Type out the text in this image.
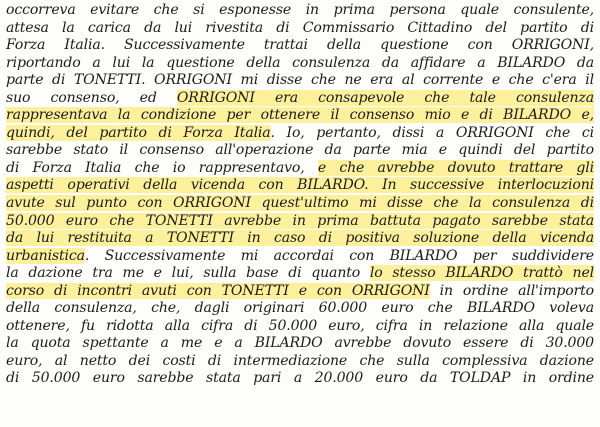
occorreva evitare che si esponesse in prima persona quale consulente,
attesa la carica da lui rivestita di Commissario Cittadino del partito di
Forza Italia. Successivamente trattai della questione con ORRIGONI,
riportando a lui la questione della consulenza da affidare a BILARDO da
parte di TONETTI. ORRIGONI mi disse che ne era al corrente e che c'era il
suo consenso, ed ORRIGONI era consapevole che tale consulenza
rappresentava la condizione per ottenere il consenso mio e di BILARDO e,
quindi, del partito di Forza Italia. Io, pertanto, dissi a ORRIGONI che ci
sarebbe stato il consenso all'operazione da parte mia e quindi del partito
di Forza Italia che io rappresentavo, e che avrebbe dovuto trattare gli
aspetti operativi della vicenda con BILARDO. In successive interlocuzioni
avute sul punto con ORRIGONI quest'ultimo mi disse che la consulenza di
50.000 euro che TONETTI avrebbe in prima battuta pagato sarebbe stata
da lui restituita a TONETTI in caso di positiva soluzione della vicenda
urbanistica. Successivamente mi accordai con BILARDO per suddividere
la dazione tra me e lui, sulla base di quanto lo stesso BILARDO trattò nel
corso di incontri avuti con TONETTI e con ORRIGONI in ordine all'importo
della consulenza, che, dagli originari 60.000 euro che BILARDO voleva
ottenere, fu ridotta alla cifra di 50.000 euro, cifra in relazione alla quale
la quota spettante a me e a BILARDO avrebbe dovuto essere di 30.000
euro, al netto dei costi di intermediazione che sulla complessiva dazione
di 50.000 euro sarebbe stata pari a 20.000 euro da TOLDAP in ordine
